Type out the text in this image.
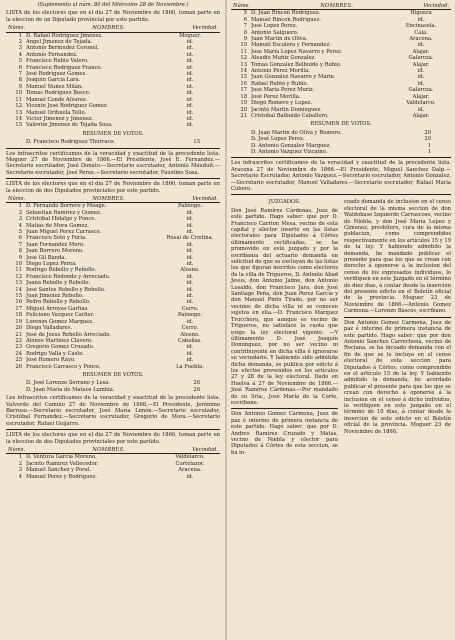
(Suplemento al núm. 80 del Miércoles 28 de Noviembre.)
LISTA de los electores que en el dia 27 de Noviembre de 1866, toman parte en la eleccion de un Diputado provincial por este partido.
Núms.	NOMBRES.	Vecindad.
1 D. Rafael Rodriguez Jiménez.	Moguer.
2 Angel Jimenez de Tejada.	id.
3 Antonio Bermudez Coronel.	id.
4 Antonio Fernandez.	id.
5 Francisco Rubio Valero.	id.
6 Francisco Rodriguez Franco.	id.
7 José Rodriguez Gomez.	id.
8 Joaquin Garcia Lara.	id.
9 Manuel Nuñez Milan.	id.
10 Tomás Rodriguez Bosco.	id.
11 Manuel Conde Alvarez.	id.
12 Vicente José Rodriguez Gomez.	id.
13 Manuel Orihuela Tello.	id.
14 Víctor Jimenez y Jimenez.	id.
15 Valentin Jimenez de Tejada Sosa.	id.
RESUMEN DE VOTOS.
D. Francisco Rodriguez Thurraco.	15
Los infrascritos certificamos de la veracidad y exactitud de la precedente lista. Moguer 27 de Noviembre de 1866.—El Presidente, José E. Fernandez.—Secretario escrutador, José Donato.—Secretario escrutador, Antonio Mauduit.—Secretario escrutador, José Perez.—Secretario escrutador, Faustino Sosa.
LISTA de los electores que en el dia 27 de Noviembre de 1866, toman parte en la eleccion de dos Diputados provinciales por este partido.
Núms.	NOMBRES.	Vecindad.
1 D. Fernando Borrero y Moage.	Palmogo.
2 Sebastian Ramirez y Gomez.	id.
3 Cristóbal Hidalgo y Ponce.	id.
4 Matias de Mora Gomez.	id.
5 Juan Miguel Perez Carrasco.	id.
6 Francisco Soto y Feria.	Rosal de Cristina.
7 Juan Fernandez Moro.	id.
8 Juan Borrero Moreno.	id.
9 José Gil Banda.	id.
10 Diego Lopez Perea.	id.
11 Rodrigo Rebollo y Rebollo.	Alosno.
12 Francisco Redondo y Arreciado.	id.
13 Juana Rebollo y Rebollo.	id.
14 José Santos Rebollo y Rebollo.	id.
15 Juan Jimenez Rebollo.	id.
16 Pedro Rebollo y Rebollo.	id.
17 Miguel Arroyas Garfias.	Cerro.
18 Feliciano Vazquez Carlier.	Paimogo.
19 Lorenzo Gomez Marquez.	id.
20 Diego Valladares.	Cerro.
21 José de Jesus Rebollo Arreciado.	Alosno.
22 Alonso Martinez Clavero.	Cabañas.
23 Gregorio Gomez Cruzado.	id.
24 Rodrigo Valla y Casto.	id.
25 José Romero Rayo.	id.
26 Francisco Carrasco y Ponce.	La Puebla.
RESUMEN DE VOTOS.
D. José Lorenzo Serrano y Losa.	26
D. Juan María de Mateos Lumbia.	26
Los infrascritos certificamos de la veracidad y exactitud de la precedente lista. Valverde del Camino 27 de Noviembre de 1866.—El Presidente, Jerónimo Barroso.—Secretario escrutador, José María Limón.—Secretario escrutador, Cristóbal Fernandez.—Secretario escrutador, Gregorio de Mora.—Secretario escrutador, Rafael Guijarro.
LISTA de los electores que en el dia 27 de Noviembre de 1866, toman parte en la eleccion de dos Diputados provinciales por este partido.
Núms.	NOMBRES.	Vecindad.
1 D. Ventura Garcia Moreno.	Valdelarco.
2 Jacinto Ramirez Vellecedor.	Cortelazor.
3 Manuel Sanchez y Poral.	Aracena.
4 Manuel Perez y Rodriguez.	id.
Núms.	NOMBRES.	Vecindad.
5 D. Juan Rincon Rodriguez.	Higuera
6 Manuel Rincon Rodriguez.	id.
7 José Lopez Perez.	Encinasola.
8 Antonio Salguero.	Cala.
9 Juan Martin de Oliva.	Aracena.
10 Manuel Escalera y Fernandez.	id.
11 José Maria Lopez Navarro y Perez.	Alajar.
12 Aleadio Muñiz Gonzalez.	Galaroza.
13 Tomás Gonzalez Belbuido y Rubio.	Alajar.
14 Antonio Perez Morilla.	id.
15 Juan Gonzalez Navarro y Marin.	id.
16 Rafael Rubio y Rubio.	id.
17 José María Perez Muriz.	Galaroza.
18 José Perez Morilla.	Alajar.
19 Diego Romero y Lopez.	Valdelarco.
20 Jacinto Martin Dominguez.	id.
21 Cristóbal Balbuido Caballero.	Alajar.
RESUMEN DE VOTOS.
D. Juan Martin de Oliva y Romero.	20
D. José Lopez Perez.	20
D. Antonio Gonzalez Marquez.	1
D. Antonio Vazquez Vizcaino.	1
Los infrascritos certificamos de la veracidad y exactitud de la precedente lista. Aracena 27 de Noviembre de 1866.—El Presidente, Miguel Sanchez Dalp.—Secretario Escrutador, Antonio Vazquez.—Secretario escrutador, Antonio Gonzalez.—Secretario escrutador, Manuel Valladares.—Secretario escrutador, Rafael Maria Cubero.
JUZGADOS.
Don José Ramírez Cárdenas, Juez de este partido. Hago saber: que por D. Francisco Carrion Mesa, vecino de esta capital y elector inserto en las listas electorales para Diputados á Córtes últimamente rectificadas, se ha promovido en este juzgado y por la escribanía del actuario demanda en solicitud de que se excluyan de las listas los que figuran inscritos como electores de la villa de Trigueros, D. Antonio Abad Jesus, don Antonio Jaime, don Antonio Losaldo, don Francisco Jara, don José Santiago Peña, don Juan Perez García y don Manuel Pinto Tirado, por no ser vecinos de dicha villa ni se conocen sujetos en ella.—D. Francisco Márquez Trucchero, que aunque es vecino de Trigueros, no satisface la cuota que exige la ley electoral vigente. —Y últimamente D. José Joaquín Dominguez, por no ser vecino ni contribuyente en dicha villa é ignorarse su vecindario. Y habiendo sido admitida dicha demanda, se publica por edicto á los efectos prevenidos en los artículos 27 y 28 de la ley electoral. Dado en Huelva á 27 de Noviembre de 1866.—José Ramírez Cárdenas.—Por mandado de su Sría., José María de la Corte, escribano.
Don Antonio Gomez Carmona, Juez de paz é interino de primera instancia de este partido. Hago saber: que por D. Andres Ramírez Cruzado y Matas, vecino de Niebla y elector para Diputados á Córtes de esta seccion, se ha in-
coado demanda de inclusion en el censo electoral de la misma seccion de don Waldobaso Izquierdo Carrascoso, vecino de Niebla, y don José María Lopez y Gimenez, presbítero, cura de la misma poblacion, como comprendidos respectivamente en los artículos 15 y 19 de la ley. Y habiendo admitido la demanda, he mandado publicar el presente para que los que se crean con derecho á oponerse á la inclusion del censo de los expresados individuos, lo verifiquen en este Juzgado en el término de diez dias, á contar desde la insercion del presente edicto en el Boletín oficial de la provincia. Moguer 23 de Noviembre de 1866.—Antonio Gomez Carmona.—Lorenzo Bascos, escribano.
Don Antonio Gomez Carmona, Juez de paz é interino de primera instancia de este partido. Hago saber: que por don Antonio Sanchez Carrechena, vecino de Rociana, se ha incoado demanda con el fin de que se le incluya en el censo electoral de esta seccion para Diputados á Córtes, como comprendido en el artículo 15 de la ley. Y habiendo admitido la demanda, he acordado publicar el presente para que los que se crean con derecho á oponerse á la inclusion en el censo á dicho individuo, lo verifiquen en este juzgado en el término de 10 dias, á contar desde la insercion de este edicto en el Boletín oficial de la provincia. Moguer 23 de Noviembre de 1866.
